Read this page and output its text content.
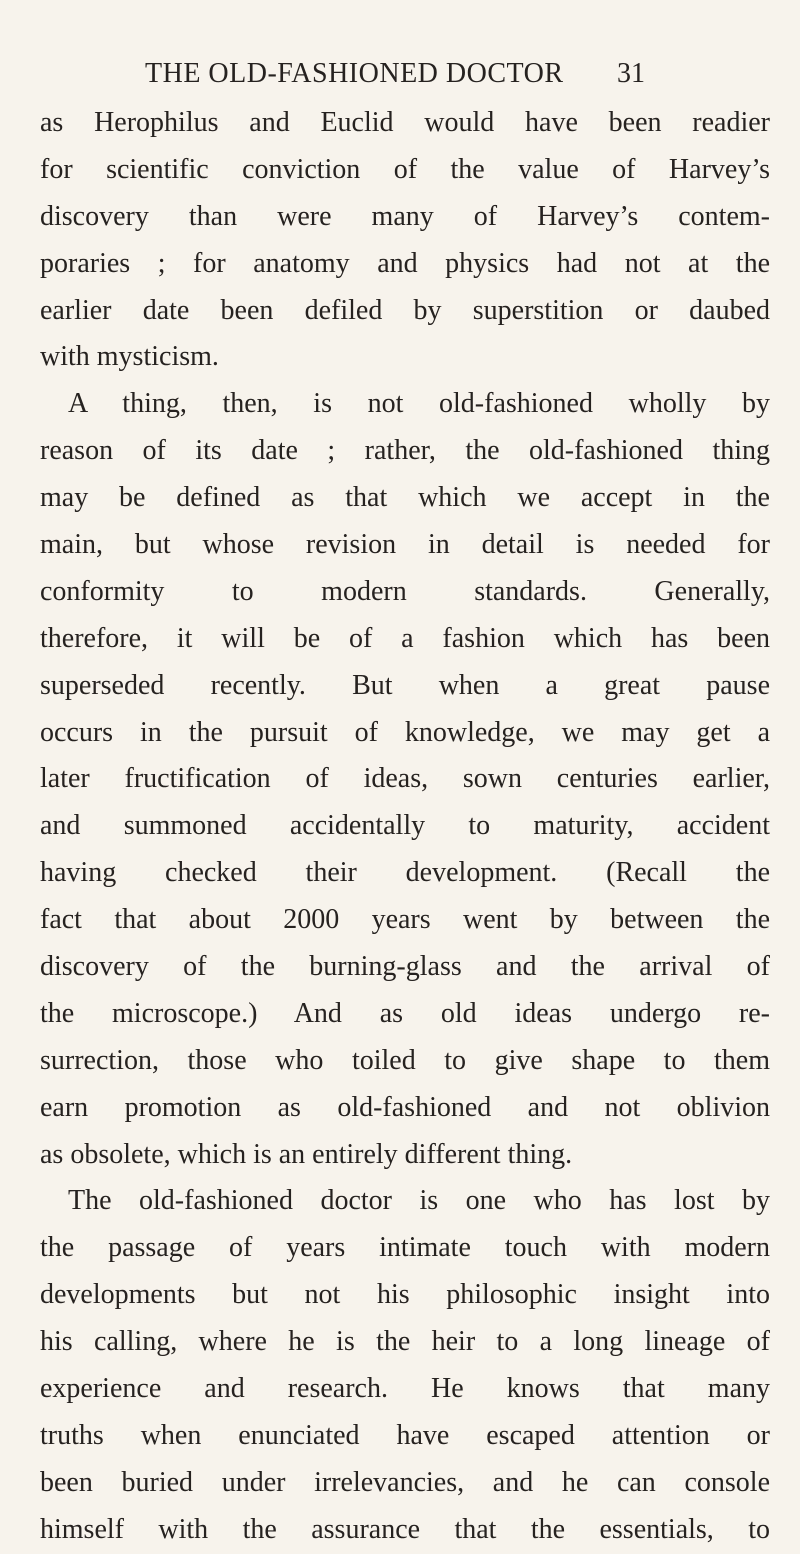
THE OLD-FASHIONED DOCTOR 31
as Herophilus and Euclid would have been readier
for scientific conviction of the value of Harvey’s
discovery than were many of Harvey’s contem-
poraries ; for anatomy and physics had not at the
earlier date been defiled by superstition or daubed
with mysticism.
A thing, then, is not old-fashioned wholly by
reason of its date ; rather, the old-fashioned thing
may be defined as that which we accept in the
main, but whose revision in detail is needed for
conformity to modern standards. Generally,
therefore, it will be of a fashion which has been
superseded recently. But when a great pause
occurs in the pursuit of knowledge, we may get a
later fructification of ideas, sown centuries earlier,
and summoned accidentally to maturity, accident
having checked their development. (Recall the
fact that about 2000 years went by between the
discovery of the burning-glass and the arrival of
the microscope.) And as old ideas undergo re-
surrection, those who toiled to give shape to them
earn promotion as old-fashioned and not oblivion
as obsolete, which is an entirely different thing.
The old-fashioned doctor is one who has lost by
the passage of years intimate touch with modern
developments but not his philosophic insight into
his calling, where he is the heir to a long lineage of
experience and research. He knows that many
truths when enunciated have escaped attention or
been buried under irrelevancies, and he can console
himself with the assurance that the essentials, to
